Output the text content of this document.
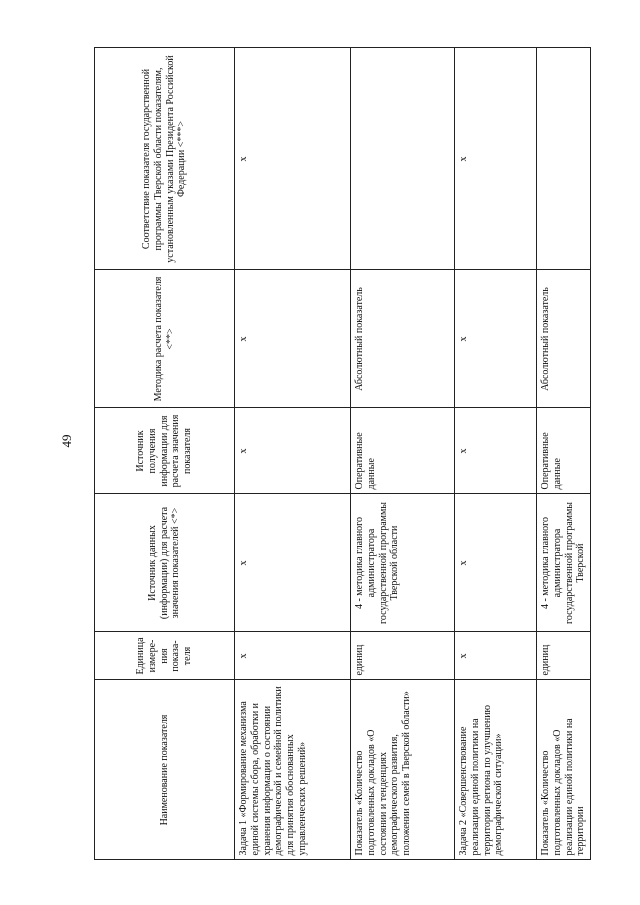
49
	Наименование показателя	Единица измере-ния показа-теля	Источник данных (информации) для расчета значения показателей <*>	Источник получения информации для расчета значения показателя	Методика расчета показателя <**>	Соответствие показателя государственной программы Тверской области показателям, установленным указами Президента Российской Федерации <***>
	Задача 1 «Формирование механизма единой системы сбора, обработки и хранения информации о состоянии демографической и семейной политики для принятия обоснованных управленческих решений»	x	x	x	x	x
	Показатель «Количество подготовленных докладов «О состоянии и тенденциях демографического развития, положении семей в Тверской области»	единиц	4 - методика главного администратора государственной программы Тверской области	Оперативные данные	Абсолютный показатель	
	Задача 2 «Совершенствование реализации единой политики на территории региона по улучшению демографической ситуации»	x	x	x	x	x
	Показатель «Количество подготовленных докладов «О реализации единой политики на территории	единиц	4 - методика главного администратора государственной программы Тверской	Оперативные данные	Абсолютный показатель	
